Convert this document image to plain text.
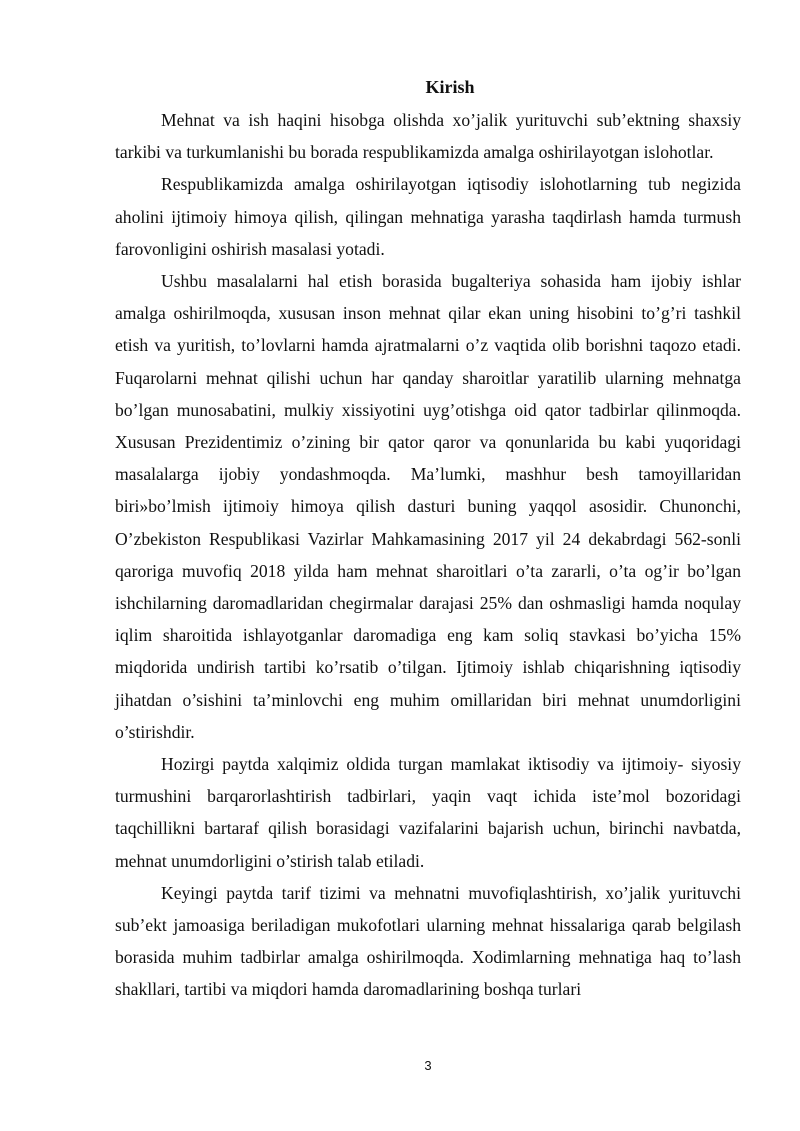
Kirish

Mehnat va ish haqini hisobga olishda xo’jalik yurituvchi sub’ektning shaxsiy tarkibi va turkumlanishi bu borada respublikamizda amalga oshirilayotgan islohotlar.

Respublikamizda amalga oshirilayotgan iqtisodiy islohotlarning tub negizida aholini ijtimoiy himoya qilish, qilingan mehnatiga yarasha taqdirlash hamda turmush farovonligini oshirish masalasi yotadi.

Ushbu masalalarni hal etish borasida bugalteriya sohasida ham ijobiy ishlar amalga oshirilmoqda, xususan inson mehnat qilar ekan uning hisobini to’g’ri tashkil etish va yuritish, to’lovlarni hamda ajratmalarni o’z vaqtida olib borishni taqozo etadi. Fuqarolarni mehnat qilishi uchun har qanday sharoitlar yaratilib ularning mehnatga bo’lgan munosabatini, mulkiy xissiyotini uyg’otishga oid qator tadbirlar qilinmoqda. Xususan Prezidentimiz o’zining bir qator qaror va qonunlarida bu kabi yuqoridagi masalalarga ijobiy yondashmoqda. Ma’lumki, mashhur besh tamoyillaridan biri»bo’lmish ijtimoiy himoya qilish dasturi buning yaqqol asosidir. Chunonchi, O’zbekiston Respublikasi Vazirlar Mahkamasining 2017 yil 24 dekabrdagi 562-sonli qaroriga muvofiq 2018 yilda ham mehnat sharoitlari o’ta zararli, o’ta og’ir bo’lgan ishchilarning daromadlaridan chegirmalar darajasi 25% dan oshmasligi hamda noqulay iqlim sharoitida ishlayotganlar daromadiga eng kam soliq stavkasi bo’yicha 15% miqdorida undirish tartibi ko’rsatib o’tilgan. Ijtimoiy ishlab chiqarishning iqtisodiy jihatdan o’sishini ta’minlovchi eng muhim omillaridan biri mehnat unumdorligini o’stirishdir.

Hozirgi paytda xalqimiz oldida turgan mamlakat iktisodiy va ijtimoiy- siyosiy turmushini barqarorlashtirish tadbirlari, yaqin vaqt ichida iste’mol bozoridagi taqchillikni bartaraf qilish borasidagi vazifalarini bajarish uchun, birinchi navbatda, mehnat unumdorligini o’stirish talab etiladi.

Keyingi paytda tarif tizimi va mehnatni muvofiqlashtirish, xo’jalik yurituvchi sub’ekt jamoasiga beriladigan mukofotlari ularning mehnat hissalariga qarab belgilash borasida muhim tadbirlar amalga oshirilmoqda. Xodimlarning mehnatiga haq to’lash shakllari, tartibi va miqdori hamda daromadlarining boshqa turlari

3
